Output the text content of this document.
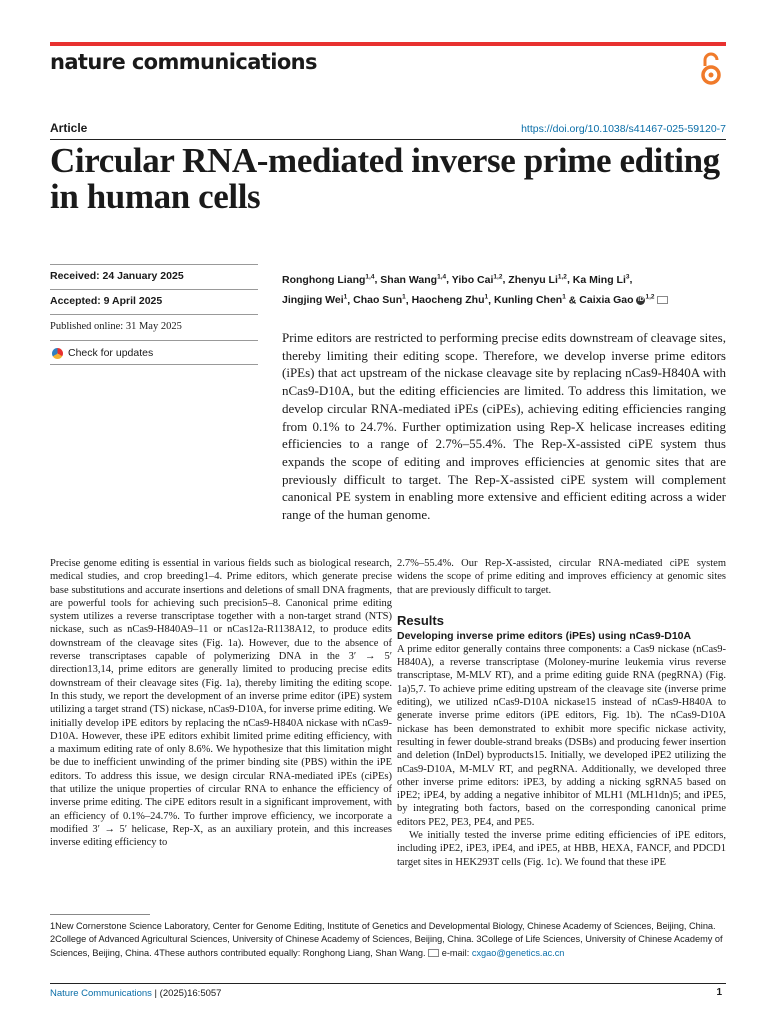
nature communications
Article	https://doi.org/10.1038/s41467-025-59120-7
Circular RNA-mediated inverse prime editing
in human cells
Received: 24 January 2025
Accepted: 9 April 2025
Published online: 31 May 2025
Check for updates
Ronghong Liang$^{1,4}$, Shan Wang$^{1,4}$, Yibo Cai$^{1,2}$, Zhenyu Li$^{1,2}$, Ka Ming Li$^3$,
Jingjing Wei$^1$, Chao Sun$^1$, Haocheng Zhu$^1$, Kunling Chen$^1$ & Caixia Gao iD $^{1,2}$

Prime editors are restricted to performing precise edits downstream of cleavage sites, thereby limiting their editing scope. Therefore, we develop inverse prime editors (iPEs) that act upstream of the nickase cleavage site by replacing nCas9-H840A with nCas9-D10A, but the editing efficiencies are limited. To address this limitation, we develop circular RNA-mediated iPEs (ciPEs), achieving editing efficiencies ranging from 0.1% to 24.7%. Further optimization using Rep-X helicase increases editing efficiencies to a range of 2.7%–55.4%. The Rep-X-assisted ciPE system thus expands the scope of editing and improves efficiencies at genomic sites that are previously difficult to target. The Rep-X-assisted ciPE system will complement canonical PE system in enabling more extensive and efficient editing across a wider range of the human genome.

Precise genome editing is essential in various fields such as biological research, medical studies, and crop breeding1–4. Prime editors, which generate precise base substitutions and accurate insertions and deletions of small DNA fragments, are powerful tools for achieving such precision5–8. Canonical prime editing system utilizes a reverse transcriptase together with a non-target strand (NTS) nickase, such as nCas9-H840A9–11 or nCas12a-R1138A12, to produce edits downstream of the cleavage sites (Fig. 1a). However, due to the absence of reverse transcriptases capable of polymerizing DNA in the 3′ → 5′ direction13,14, prime editors are generally limited to producing precise edits downstream of their cleavage sites (Fig. 1a), thereby limiting the editing scope. In this study, we report the development of an inverse prime editor (iPE) system utilizing a target strand (TS) nickase, nCas9-D10A, for inverse prime editing. We initially develop iPE editors by replacing the nCas9-H840A nickase with nCas9-D10A. However, these iPE editors exhibit limited prime editing efficiency, with a maximum editing rate of only 8.6%. We hypothesize that this limitation might be due to inefficient unwinding of the primer binding site (PBS) within the iPE editors. To address this issue, we design circular RNA-mediated iPEs (ciPEs) that utilize the unique properties of circular RNA to enhance the efficiency of inverse prime editing. The ciPE editors result in a significant improvement, with an efficiency of 0.1%–24.7%. To further improve efficiency, we incorporate a modified 3′ → 5′ helicase, Rep-X, as an auxiliary protein, and this increases inverse editing efficiency to

2.7%–55.4%. Our Rep-X-assisted, circular RNA-mediated ciPE system widens the scope of prime editing and improves efficiency at genomic sites that are previously difficult to target.

Results
Developing inverse prime editors (iPEs) using nCas9-D10A

A prime editor generally contains three components: a Cas9 nickase (nCas9-H840A), a reverse transcriptase (Moloney-murine leukemia virus reverse transcriptase, M-MLV RT), and a prime editing guide RNA (pegRNA) (Fig. 1a)5,7. To achieve prime editing upstream of the cleavage site (inverse prime editing), we utilized nCas9-D10A nickase15 instead of nCas9-H840A to generate inverse prime editors (iPE editors, Fig. 1b). The nCas9-D10A nickase has been demonstrated to exhibit more specific nickase activity, resulting in fewer double-strand breaks (DSBs) and producing fewer insertion and deletion (InDel) byproducts15. Initially, we developed iPE2 utilizing the nCas9-D10A, M-MLV RT, and pegRNA. Additionally, we developed three other inverse prime editors: iPE3, by adding a nicking sgRNA5 based on iPE2; iPE4, by adding a negative inhibitor of MLH1 (MLH1dn)5; and iPE5, by integrating both factors, based on the corresponding canonical prime editors PE2, PE3, PE4, and PE5.

We initially tested the inverse prime editing efficiencies of iPE editors, including iPE2, iPE3, iPE4, and iPE5, at HBB, HEXA, FANCF, and PDCD1 target sites in HEK293T cells (Fig. 1c). We found that these iPE

1New Cornerstone Science Laboratory, Center for Genome Editing, Institute of Genetics and Developmental Biology, Chinese Academy of Sciences, Beijing, China. 2College of Advanced Agricultural Sciences, University of Chinese Academy of Sciences, Beijing, China. 3College of Life Sciences, University of Chinese Academy of Sciences, Beijing, China. 4These authors contributed equally: Ronghong Liang, Shan Wang. e-mail: cxgao@genetics.ac.cn
Nature Communications | (2025)16:5057	1
